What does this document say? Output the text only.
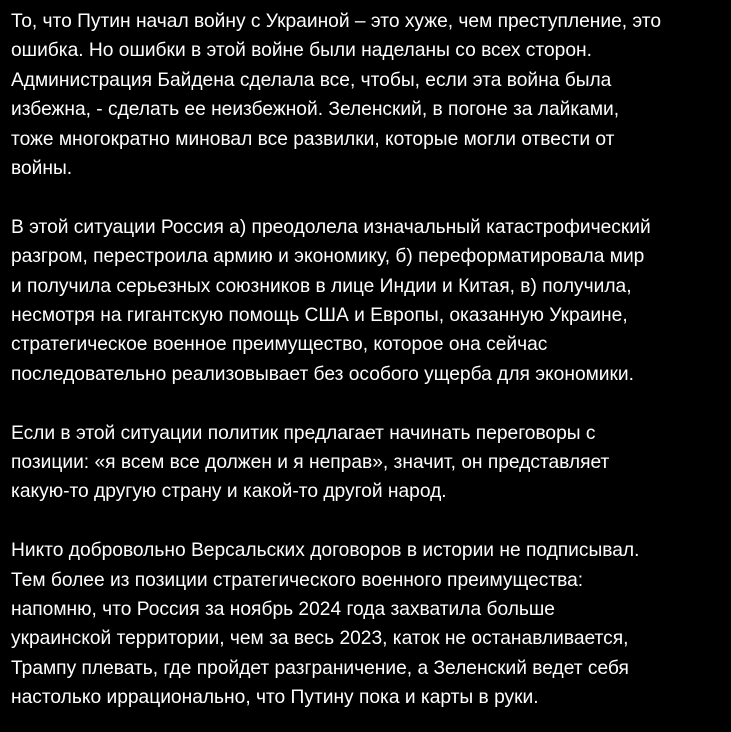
То, что Путин начал войну с Украиной – это хуже, чем преступление, это
ошибка. Но ошибки в этой войне были наделаны со всех сторон.
Администрация Байдена сделала все, чтобы, если эта война была
избежна, - сделать ее неизбежной. Зеленский, в погоне за лайками,
тоже многократно миновал все развилки, которые могли отвести от
войны.
В этой ситуации Россия а) преодолела изначальный катастрофический
разгром, перестроила армию и экономику, б) переформатировала мир
и получила серьезных союзников в лице Индии и Китая, в) получила,
несмотря на гигантскую помощь США и Европы, оказанную Украине,
стратегическое военное преимущество, которое она сейчас
последовательно реализовывает без особого ущерба для экономики.
Если в этой ситуации политик предлагает начинать переговоры с
позиции: «я всем все должен и я неправ», значит, он представляет
какую-то другую страну и какой-то другой народ.
Никто добровольно Версальских договоров в истории не подписывал.
Тем более из позиции стратегического военного преимущества:
напомню, что Россия за ноябрь 2024 года захватила больше
украинской территории, чем за весь 2023, каток не останавливается,
Трампу плевать, где пройдет разграничение, а Зеленский ведет себя
настолько иррационально, что Путину пока и карты в руки.
